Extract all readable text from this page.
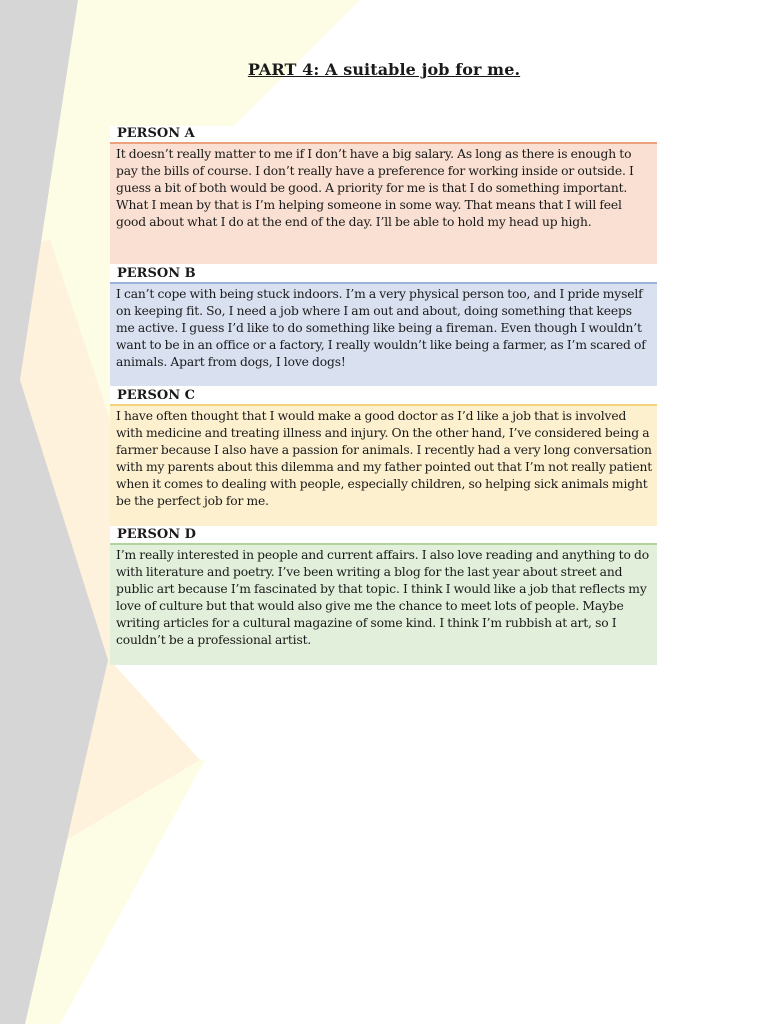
PART 4: A suitable job for me.
PERSON A
It doesn’t really matter to me if I don’t have a big salary. As long as there is enough to pay the bills of course. I don’t really have a preference for working inside or outside. I guess a bit of both would be good. A priority for me is that I do something important. What I mean by that is I’m helping someone in some way. That means that I will feel good about what I do at the end of the day. I’ll be able to hold my head up high.
PERSON B
I can’t cope with being stuck indoors. I’m a very physical person too, and I pride myself on keeping fit. So, I need a job where I am out and about, doing something that keeps me active. I guess I’d like to do something like being a fireman. Even though I wouldn’t want to be in an office or a factory, I really wouldn’t like being a farmer, as I’m scared of animals. Apart from dogs, I love dogs!
PERSON C
I have often thought that I would make a good doctor as I’d like a job that is involved with medicine and treating illness and injury. On the other hand, I’ve considered being a farmer because I also have a passion for animals. I recently had a very long conversation with my parents about this dilemma and my father pointed out that I’m not really patient when it comes to dealing with people, especially children, so helping sick animals might be the perfect job for me.
PERSON D
I’m really interested in people and current affairs. I also love reading and anything to do with literature and poetry. I’ve been writing a blog for the last year about street and public art because I’m fascinated by that topic. I think I would like a job that reflects my love of culture but that would also give me the chance to meet lots of people. Maybe writing articles for a cultural magazine of some kind. I think I’m rubbish at art, so I couldn’t be a professional artist.
